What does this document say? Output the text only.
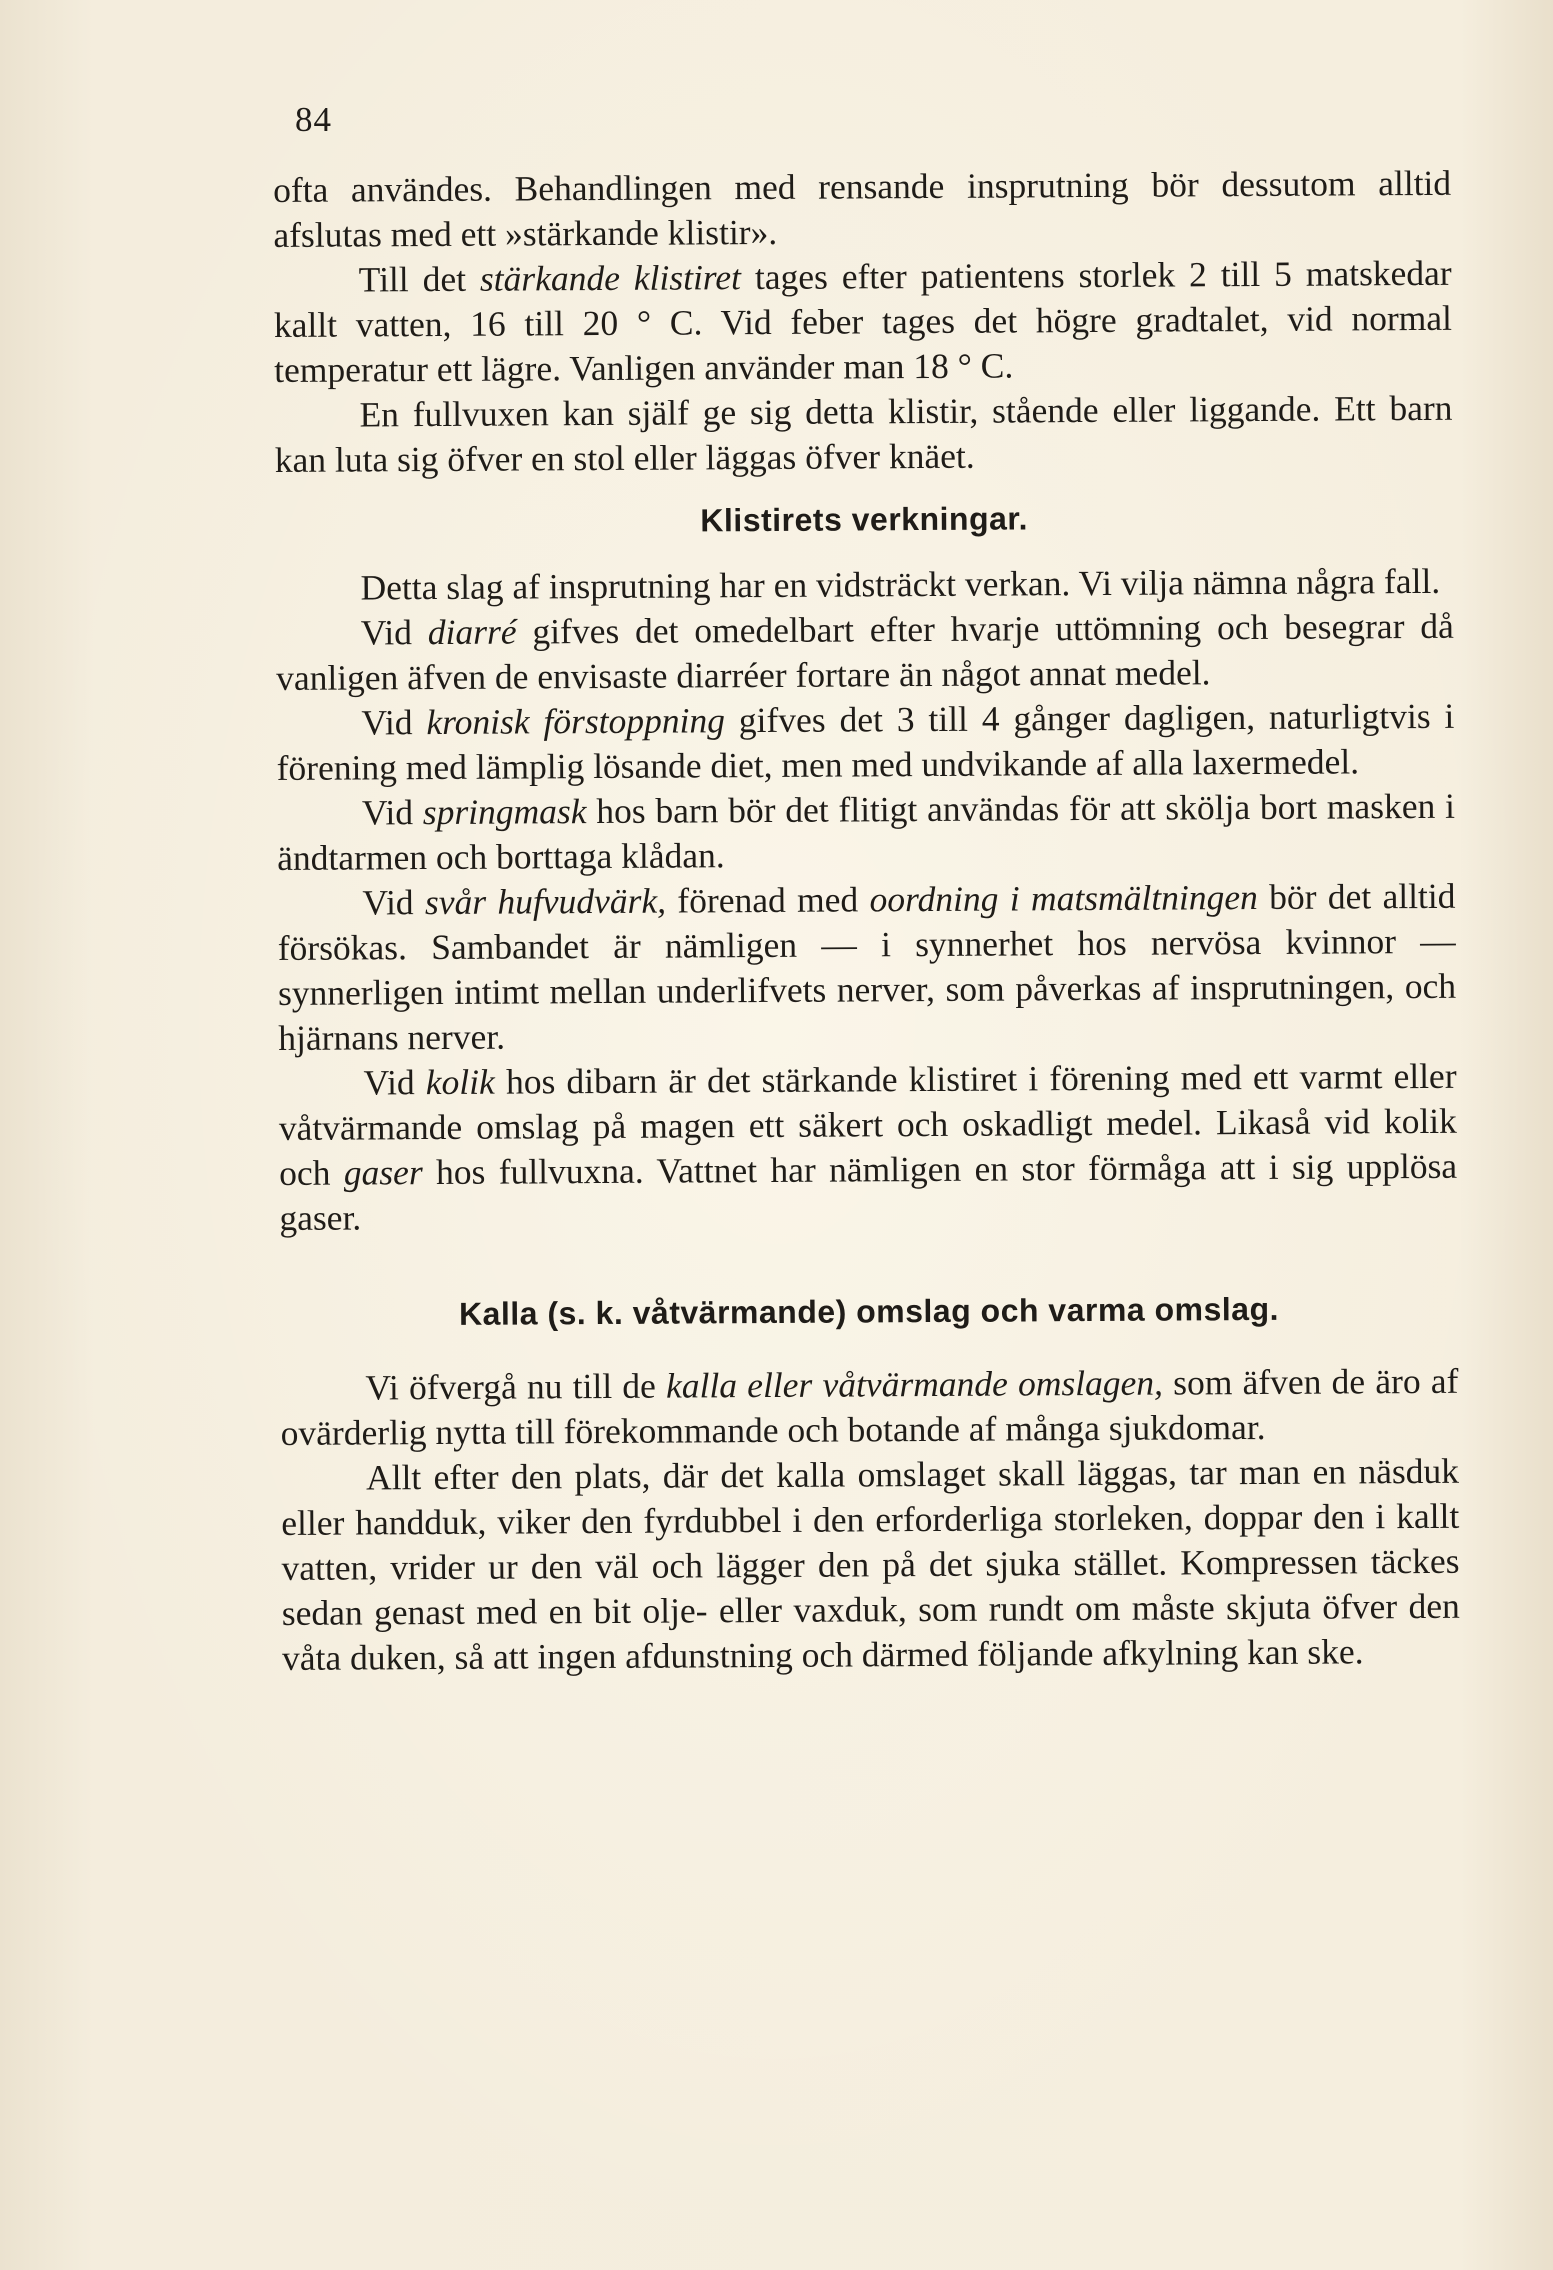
84

ofta användes. Behandlingen med rensande insprutning bör dessutom alltid afslutas med ett »stärkande klistir».

Till det stärkande klistiret tages efter patientens storlek 2 till 5 matskedar kallt vatten, 16 till 20 ° C. Vid feber tages det högre gradtalet, vid normal temperatur ett lägre. Vanligen använder man 18 ° C.

En fullvuxen kan själf ge sig detta klistir, stående eller liggande. Ett barn kan luta sig öfver en stol eller läggas öfver knäet.

Klistirets verkningar.

Detta slag af insprutning har en vidsträckt verkan. Vi vilja nämna några fall.

Vid diarré gifves det omedelbart efter hvarje uttömning och besegrar då vanligen äfven de envisaste diarréer fortare än något annat medel.

Vid kronisk förstoppning gifves det 3 till 4 gånger dagligen, naturligtvis i förening med lämplig lösande diet, men med undvikande af alla laxermedel.

Vid springmask hos barn bör det flitigt användas för att skölja bort masken i ändtarmen och borttaga klådan.

Vid svår hufvudvärk, förenad med oordning i matsmältningen bör det alltid försökas. Sambandet är nämligen — i synnerhet hos nervösa kvinnor — synnerligen intimt mellan underlifvets nerver, som påverkas af insprutningen, och hjärnans nerver.

Vid kolik hos dibarn är det stärkande klistiret i förening med ett varmt eller våtvärmande omslag på magen ett säkert och oskadligt medel. Likaså vid kolik och gaser hos fullvuxna. Vattnet har nämligen en stor förmåga att i sig upplösa gaser.

Kalla (s. k. våtvärmande) omslag och varma omslag.

Vi öfvergå nu till de kalla eller våtvärmande omslagen, som äfven de äro af ovärderlig nytta till förekommande och botande af många sjukdomar.

Allt efter den plats, där det kalla omslaget skall läggas, tar man en näsduk eller handduk, viker den fyrdubbel i den erforderliga storleken, doppar den i kallt vatten, vrider ur den väl och lägger den på det sjuka stället. Kompressen täckes sedan genast med en bit olje- eller vaxduk, som rundt om måste skjuta öfver den våta duken, så att ingen afdunstning och därmed följande afkylning kan ske.
